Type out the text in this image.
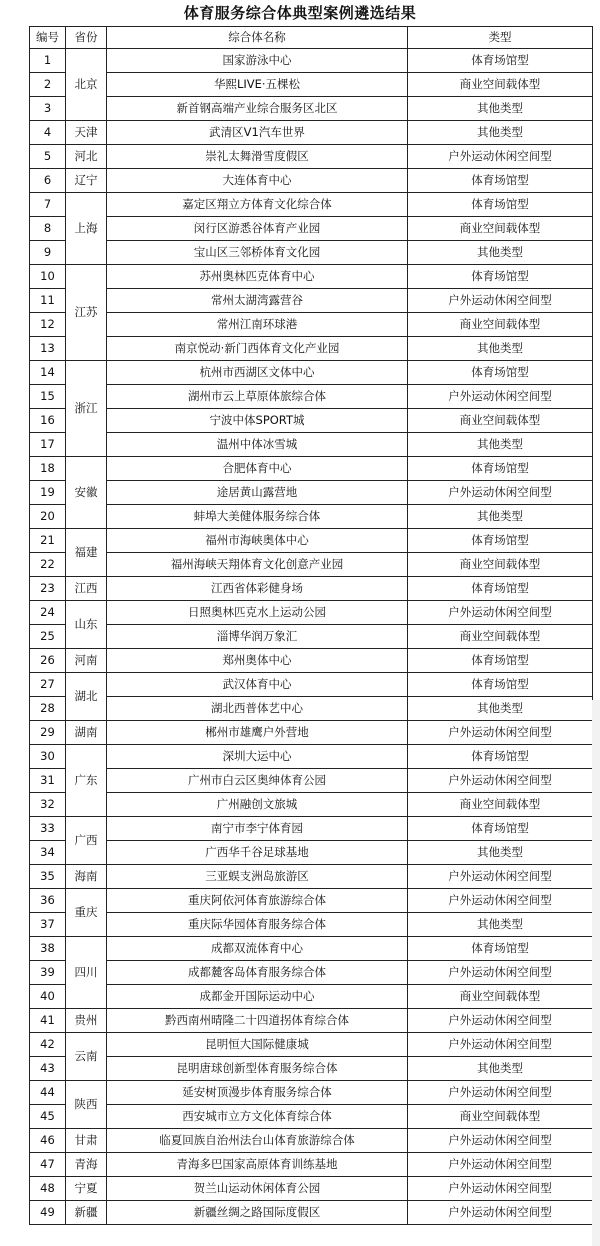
体育服务综合体典型案例遴选结果
编号	省份	综合体名称	类型
1	北京	国家游泳中心	体育场馆型
2		华熙LIVE·五棵松	商业空间载体型
3		新首钢高端产业综合服务区北区	其他类型
4	天津	武清区V1汽车世界	其他类型
5	河北	崇礼太舞滑雪度假区	户外运动休闲空间型
6	辽宁	大连体育中心	体育场馆型
7	上海	嘉定区翔立方体育文化综合体	体育场馆型
8		闵行区游悉谷体育产业园	商业空间载体型
9		宝山区三邻桥体育文化园	其他类型
10	江苏	苏州奥林匹克体育中心	体育场馆型
11		常州太湖湾露营谷	户外运动休闲空间型
12		常州江南环球港	商业空间载体型
13		南京悦动·新门西体育文化产业园	其他类型
14	浙江	杭州市西湖区文体中心	体育场馆型
15		湖州市云上草原体旅综合体	户外运动休闲空间型
16		宁波中体SPORT城	商业空间载体型
17		温州中体冰雪城	其他类型
18	安徽	合肥体育中心	体育场馆型
19		途居黄山露营地	户外运动休闲空间型
20		蚌埠大美健体服务综合体	其他类型
21	福建	福州市海峡奥体中心	体育场馆型
22		福州海峡天翔体育文化创意产业园	商业空间载体型
23	江西	江西省体彩健身场	体育场馆型
24	山东	日照奥林匹克水上运动公园	户外运动休闲空间型
25		淄博华润万象汇	商业空间载体型
26	河南	郑州奥体中心	体育场馆型
27	湖北	武汉体育中心	体育场馆型
28		湖北西普体艺中心	其他类型
29	湖南	郴州市雄鹰户外营地	户外运动休闲空间型
30	广东	深圳大运中心	体育场馆型
31		广州市白云区奥绅体育公园	户外运动休闲空间型
32		广州融创文旅城	商业空间载体型
33	广西	南宁市李宁体育园	体育场馆型
34		广西华千谷足球基地	其他类型
35	海南	三亚蜈支洲岛旅游区	户外运动休闲空间型
36	重庆	重庆阿依河体育旅游综合体	户外运动休闲空间型
37		重庆际华园体育服务综合体	其他类型
38	四川	成都双流体育中心	体育场馆型
39		成都麓客岛体育服务综合体	户外运动休闲空间型
40		成都金开国际运动中心	商业空间载体型
41	贵州	黔西南州晴隆二十四道拐体育综合体	户外运动休闲空间型
42	云南	昆明恒大国际健康城	户外运动休闲空间型
43		昆明唐球创新型体育服务综合体	其他类型
44	陕西	延安树顶漫步体育服务综合体	户外运动休闲空间型
45		西安城市立方文化体育综合体	商业空间载体型
46	甘肃	临夏回族自治州法台山体育旅游综合体	户外运动休闲空间型
47	青海	青海多巴国家高原体育训练基地	户外运动休闲空间型
48	宁夏	贺兰山运动休闲体育公园	户外运动休闲空间型
49	新疆	新疆丝绸之路国际度假区	户外运动休闲空间型
